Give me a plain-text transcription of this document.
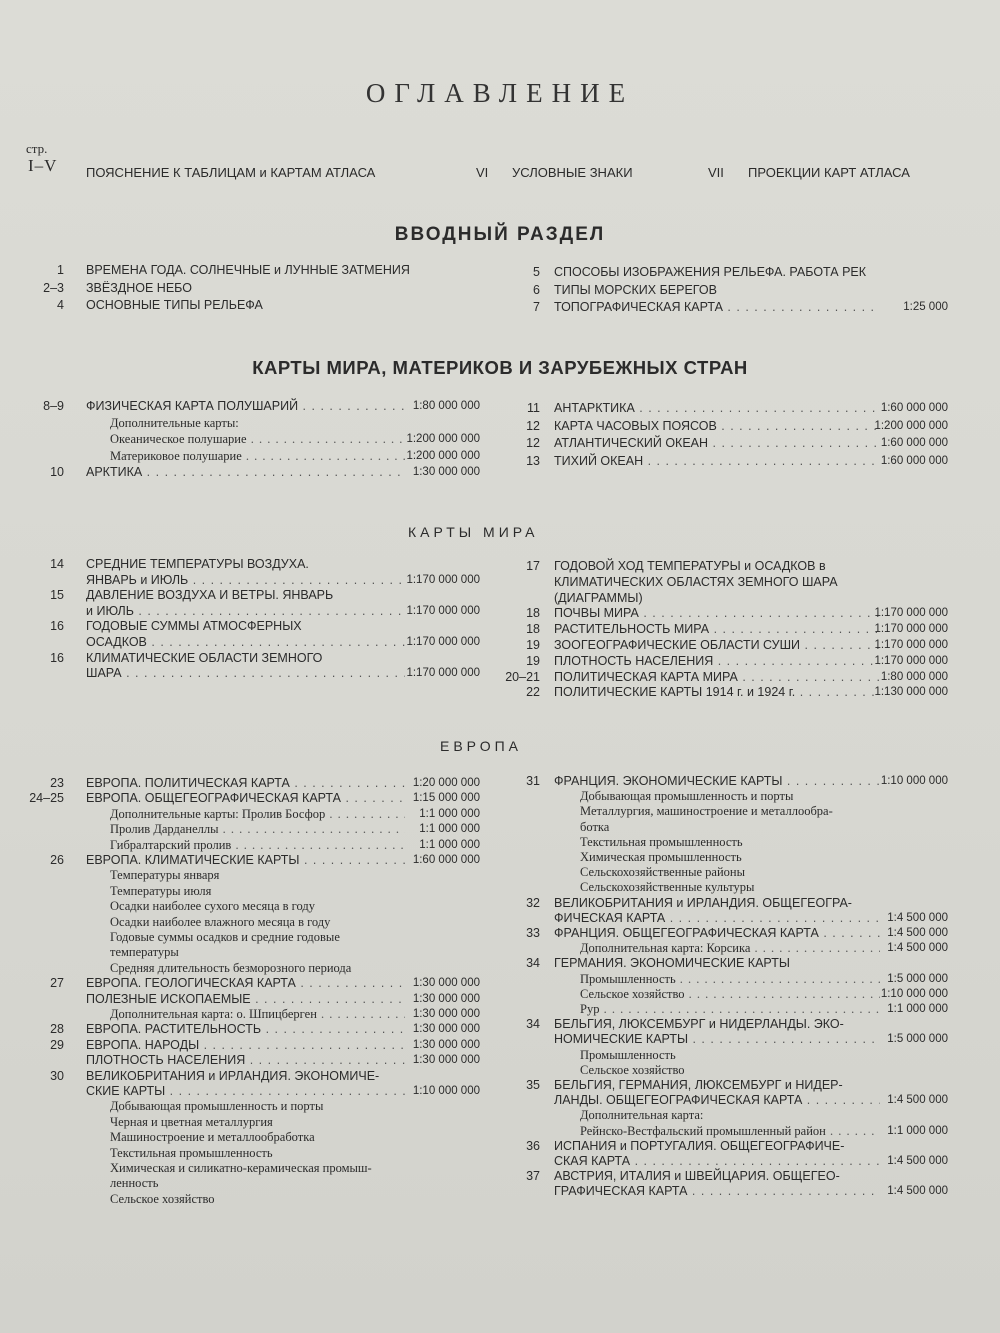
ОГЛАВЛЕНИЕ
стр.
I–V ПОЯСНЕНИЕ К ТАБЛИЦАМ и КАРТАМ АТЛАСА	VI УСЛОВНЫЕ ЗНАКИ	VII ПРОЕКЦИИ КАРТ АТЛАСА
ВВОДНЫЙ РАЗДЕЛ
КАРТЫ МИРА, МАТЕРИКОВ И ЗАРУБЕЖНЫХ СТРАН
КАРТЫ МИРА
ЕВРОПА
1 ВРЕМЕНА ГОДА. СОЛНЕЧНЫЕ и ЛУННЫЕ ЗАТМЕНИЯ
2–3 ЗВЁЗДНОЕ НЕБО
4 ОСНОВНЫЕ ТИПЫ РЕЛЬЕФА
5 СПОСОБЫ ИЗОБРАЖЕНИЯ РЕЛЬЕФА. РАБОТА РЕК
6 ТИПЫ МОРСКИХ БЕРЕГОВ
7 ТОПОГРАФИЧЕСКАЯ КАРТА . . .	1:25 000
8–9 ФИЗИЧЕСКАЯ КАРТА ПОЛУШАРИЙ . . .	1:80 000 000
Дополнительные карты:
Океаническое полушарие . . .	1:200 000 000
Материковое полушарие . . .	1:200 000 000
10 АРКТИКА . . .	1:30 000 000
11 АНТАРКТИКА . . .	1:60 000 000
12 КАРТА ЧАСОВЫХ ПОЯСОВ . . .	1:200 000 000
12 АТЛАНТИЧЕСКИЙ ОКЕАН . . .	1:60 000 000
13 ТИХИЙ ОКЕАН . . .	1:60 000 000
14 СРЕДНИЕ ТЕМПЕРАТУРЫ ВОЗДУХА.
ЯНВАРЬ и ИЮЛЬ . . .	1:170 000 000
15 ДАВЛЕНИЕ ВОЗДУХА И ВЕТРЫ. ЯНВАРЬ
и ИЮЛЬ . . .	1:170 000 000
16 ГОДОВЫЕ СУММЫ АТМОСФЕРНЫХ
ОСАДКОВ . . .	1:170 000 000
16 КЛИМАТИЧЕСКИЕ ОБЛАСТИ ЗЕМНОГО
ШАРА . . .	1:170 000 000
17 ГОДОВОЙ ХОД ТЕМПЕРАТУРЫ и ОСАДКОВ в
КЛИМАТИЧЕСКИХ ОБЛАСТЯХ ЗЕМНОГО ШАРА
(ДИАГРАММЫ)
18 ПОЧВЫ МИРА . . .	1:170 000 000
18 РАСТИТЕЛЬНОСТЬ МИРА . . .	1:170 000 000
19 ЗООГЕОГРАФИЧЕСКИЕ ОБЛАСТИ СУШИ . . .	1:170 000 000
19 ПЛОТНОСТЬ НАСЕЛЕНИЯ . . .	1:170 000 000
20–21 ПОЛИТИЧЕСКАЯ КАРТА МИРА . . .	1:80 000 000
22 ПОЛИТИЧЕСКИЕ КАРТЫ 1914 г. и 1924 г. . . .	1:130 000 000
23 ЕВРОПА. ПОЛИТИЧЕСКАЯ КАРТА . . .	1:20 000 000
24–25 ЕВРОПА. ОБЩЕГЕОГРАФИЧЕСКАЯ КАРТА . . .	1:15 000 000
Дополнительные карты: Пролив Босфор . . .	1:1 000 000
Пролив Дарданеллы . . .	1:1 000 000
Гибралтарский пролив . . .	1:1 000 000
26 ЕВРОПА. КЛИМАТИЧЕСКИЕ КАРТЫ . . .	1:60 000 000
Температуры января
Температуры июля
Осадки наиболее сухого месяца в году
Осадки наиболее влажного месяца в году
Годовые суммы осадков и средние годовые
температуры
Средняя длительность безморозного периода
27 ЕВРОПА. ГЕОЛОГИЧЕСКАЯ КАРТА . . .	1:30 000 000
ПОЛЕЗНЫЕ ИСКОПАЕМЫЕ . . .	1:30 000 000
Дополнительная карта: о. Шпицберген . . .	1:30 000 000
28 ЕВРОПА. РАСТИТЕЛЬНОСТЬ . . .	1:30 000 000
29 ЕВРОПА. НАРОДЫ . . .	1:30 000 000
ПЛОТНОСТЬ НАСЕЛЕНИЯ . . .	1:30 000 000
30 ВЕЛИКОБРИТАНИЯ и ИРЛАНДИЯ. ЭКОНОМИЧЕ-
СКИЕ КАРТЫ . . .	1:10 000 000
Добывающая промышленность и порты
Черная и цветная металлургия
Машиностроение и металлообработка
Текстильная промышленность
Химическая и силикатно-керамическая промыш-
ленность
Сельское хозяйство
31 ФРАНЦИЯ. ЭКОНОМИЧЕСКИЕ КАРТЫ . . .	1:10 000 000
Добывающая промышленность и порты
Металлургия, машиностроение и металлообра-
ботка
Текстильная промышленность
Химическая промышленность
Сельскохозяйственные районы
Сельскохозяйственные культуры
32 ВЕЛИКОБРИТАНИЯ и ИРЛАНДИЯ. ОБЩЕГЕОГРА-
ФИЧЕСКАЯ КАРТА . . .	1:4 500 000
33 ФРАНЦИЯ. ОБЩЕГЕОГРАФИЧЕСКАЯ КАРТА . . .	1:4 500 000
Дополнительная карта: Корсика . . .	1:4 500 000
34 ГЕРМАНИЯ. ЭКОНОМИЧЕСКИЕ КАРТЫ
Промышленность . . .	1:5 000 000
Сельское хозяйство . . .	1:10 000 000
Рур . . .	1:1 000 000
34 БЕЛЬГИЯ, ЛЮКСЕМБУРГ и НИДЕРЛАНДЫ. ЭКО-
НОМИЧЕСКИЕ КАРТЫ . . .	1:5 000 000
Промышленность
Сельское хозяйство
35 БЕЛЬГИЯ, ГЕРМАНИЯ, ЛЮКСЕМБУРГ и НИДЕР-
ЛАНДЫ. ОБЩЕГЕОГРАФИЧЕСКАЯ КАРТА . . .	1:4 500 000
Дополнительная карта:
Рейнско-Вестфальский промышленный район . . .	1:1 000 000
36 ИСПАНИЯ и ПОРТУГАЛИЯ. ОБЩЕГЕОГРАФИЧЕ-
СКАЯ КАРТА . . .	1:4 500 000
37 АВСТРИЯ, ИТАЛИЯ и ШВЕЙЦАРИЯ. ОБЩЕГЕО-
ГРАФИЧЕСКАЯ КАРТА . . .	1:4 500 000
